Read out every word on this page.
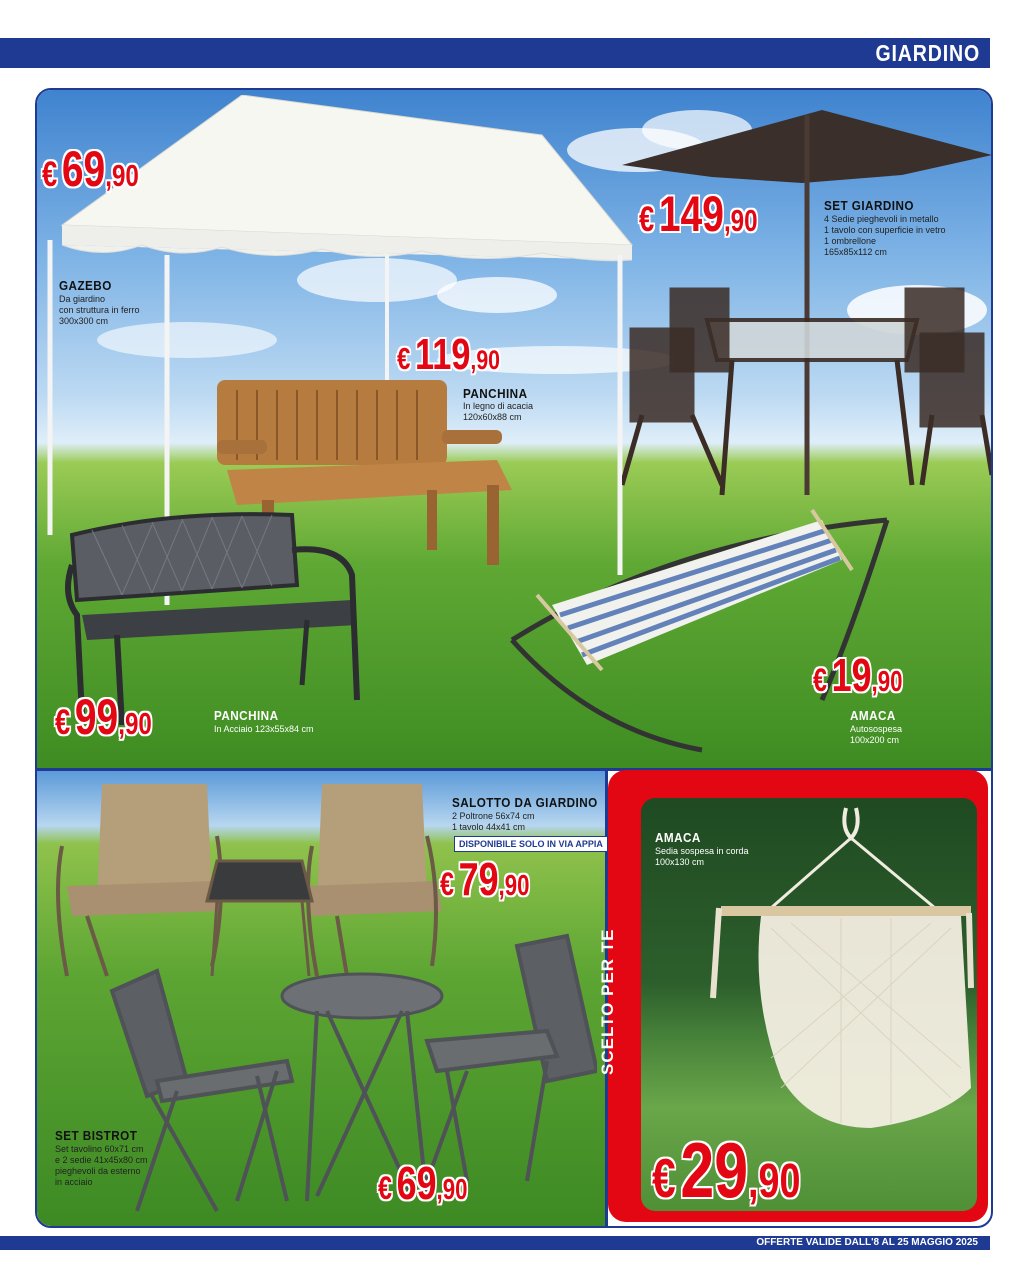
GIARDINO
€69,90
GAZEBO
Da giardino
con struttura in ferro
300x300 cm
€149,90	SET GIARDINO
4 Sedie pieghevoli in metallo
1 tavolo con superficie in vetro
1 ombrellone
165x85x112 cm
€ 119,90
PANCHINA
In legno di acacia
120x60x88 cm
€99,90	PANCHINA
In Acciaio 123x55x84 cm
€ 19,90
AMACA
Autosospesa
100x200 cm
SALOTTO DA GIARDINO
2 Poltrone 56x74 cm
1 tavolo 44x41 cm
DISPONIBILE SOLO IN VIA APPIA
€ 79,90
SET BISTROT
Set tavolino 60x71 cm
e 2 sedie 41x45x80 cm
pieghevoli da esterno
in acciaio	€ 69,90
SCELTO PER TE
AMACA
Sedia sospesa in corda
100x130 cm
€29,90
OFFERTE VALIDE DALL'8 AL 25 MAGGIO 2025
